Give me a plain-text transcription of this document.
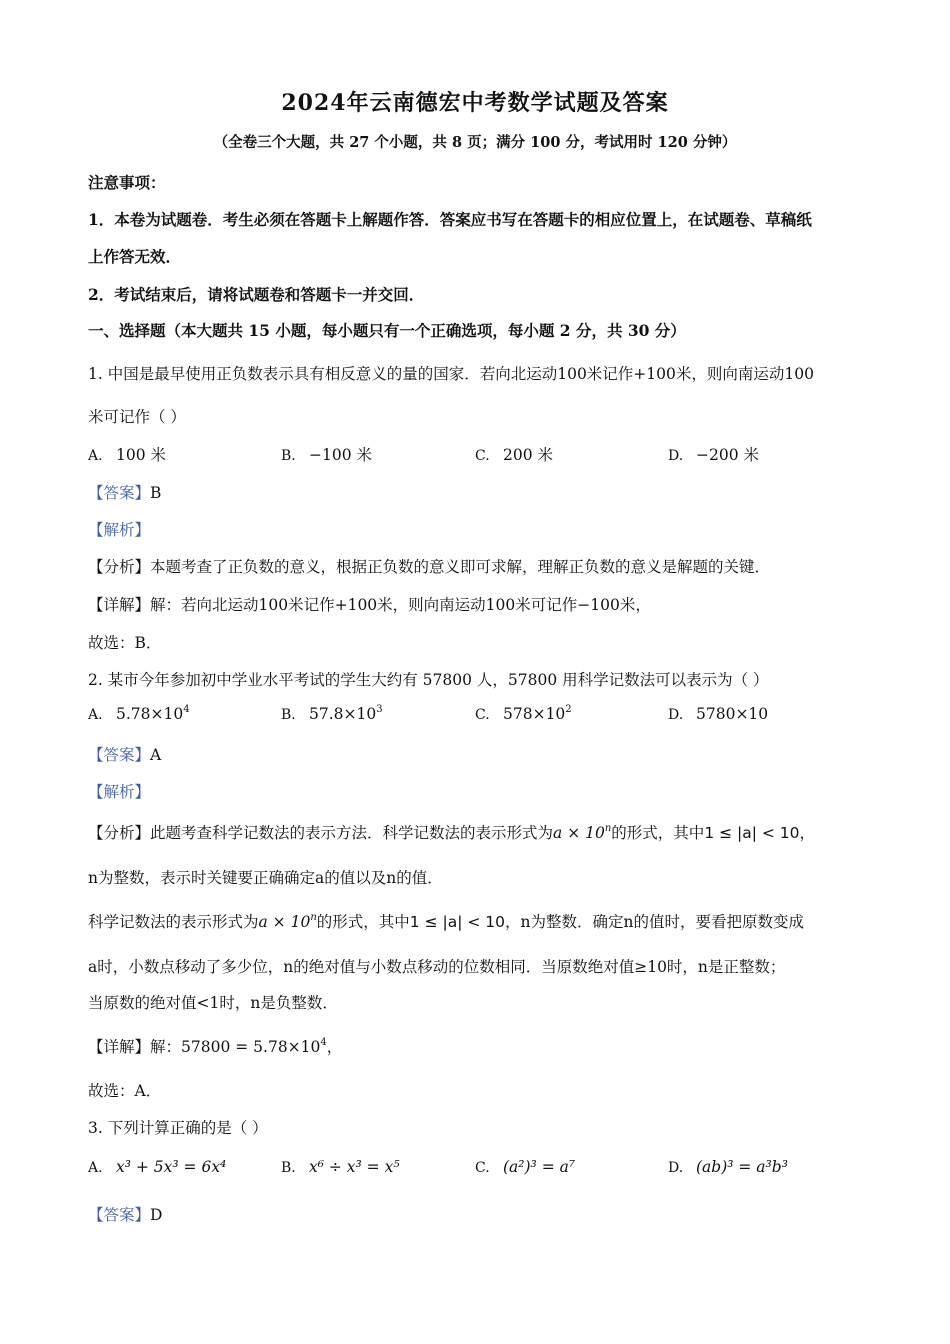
2024年云南德宏中考数学试题及答案
（全卷三个大题，共 27 个小题，共 8 页；满分 100 分，考试用时 120 分钟）
注意事项：
1．本卷为试题卷．考生必须在答题卡上解题作答．答案应书写在答题卡的相应位置上，在试题卷、草稿纸
上作答无效．
2．考试结束后，请将试题卷和答题卡一并交回．
一、选择题（本大题共 15 小题，每小题只有一个正确选项，每小题 2 分，共 30 分）
1. 中国是最早使用正负数表示具有相反意义的量的国家．若向北运动100米记作+100米，则向南运动100
米可记作（ ）
A. 100 米	B. −100 米	C. 200 米	D. −200 米
【答案】B
【解析】
【分析】本题考查了正负数的意义，根据正负数的意义即可求解，理解正负数的意义是解题的关键．
【详解】解：若向北运动100米记作+100米，则向南运动100米可记作−100米，
故选：B．
2. 某市今年参加初中学业水平考试的学生大约有 57800 人，57800 用科学记数法可以表示为（ ）
A. $5.78\times 10^4$	B. $57.8\times 10^3$	C. $578\times 10^2$	D. 5780×10
【答案】A
【解析】
【分析】此题考查科学记数法的表示方法．科学记数法的表示形式为$a \times 10^n$的形式，其中1 ≤ |a| < 10，
n为整数，表示时关键要正确确定a的值以及n的值．
科学记数法的表示形式为$a \times 10^n$的形式，其中1 ≤ |a| < 10，n为整数．确定n的值时，要看把原数变成
a时，小数点移动了多少位，n的绝对值与小数点移动的位数相同．当原数绝对值≥10时，n是正整数；
当原数的绝对值<1时，n是负整数．
【详解】解：$57800 = 5.78\times 10^4$，
故选：A．
3. 下列计算正确的是（ ）
A. x³ + 5x³ = 6x⁴	B. x⁶ ÷ x³ = x⁵	C. (a²)³ = a⁷	D. (ab)³ = a³b³
【答案】D
